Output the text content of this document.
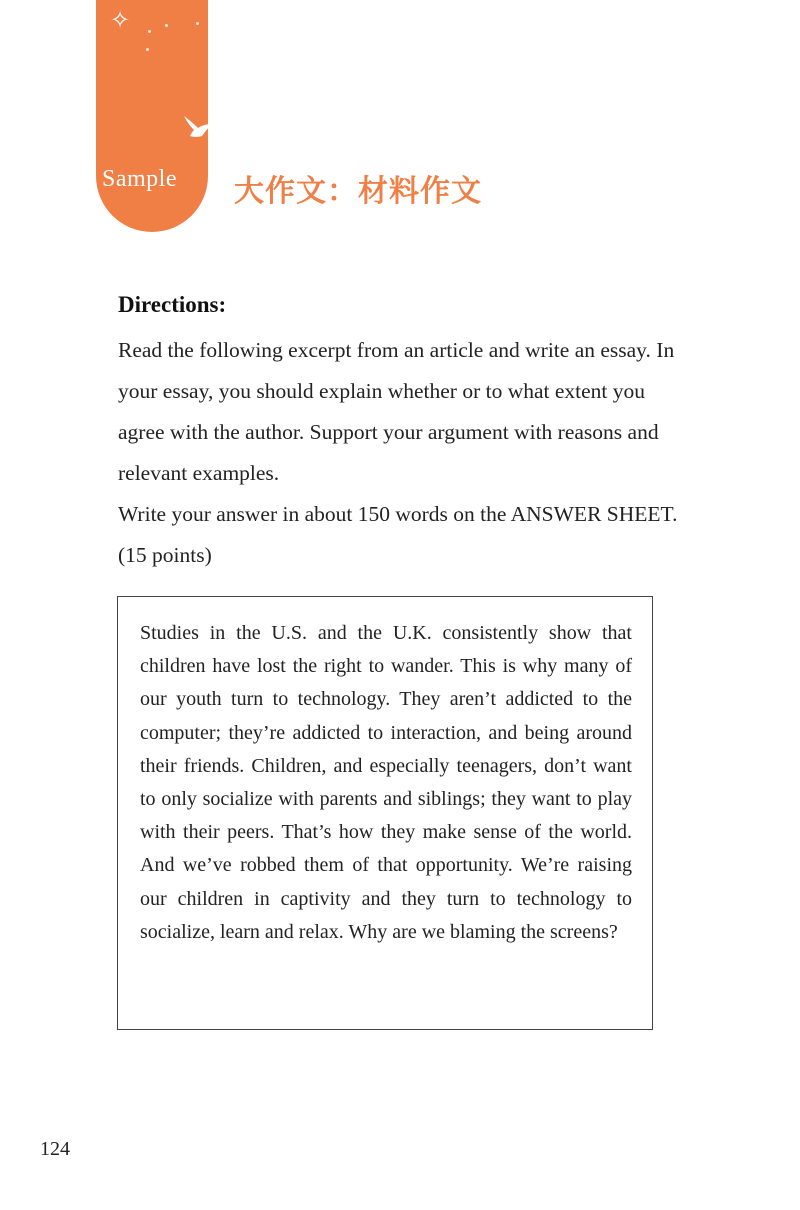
✧
Sample 大作文：材料作文
Directions:
Read the following excerpt from an article and write an essay. In your essay, you should explain whether or to what extent you agree with the author. Support your argument with reasons and relevant examples.
Write your answer in about 150 words on the ANSWER SHEET. (15 points)

Studies in the U.S. and the U.K. consistently show that children have lost the right to wander. This is why many of our youth turn to technology. They aren’t addicted to the computer; they’re addicted to interaction, and being around their friends. Children, and especially teenagers, don’t want to only socialize with parents and siblings; they want to play with their peers. That’s how they make sense of the world. And we’ve robbed them of that opportunity. We’re raising our children in captivity and they turn to technology to socialize, learn and relax. Why are we blaming the screens?

124
